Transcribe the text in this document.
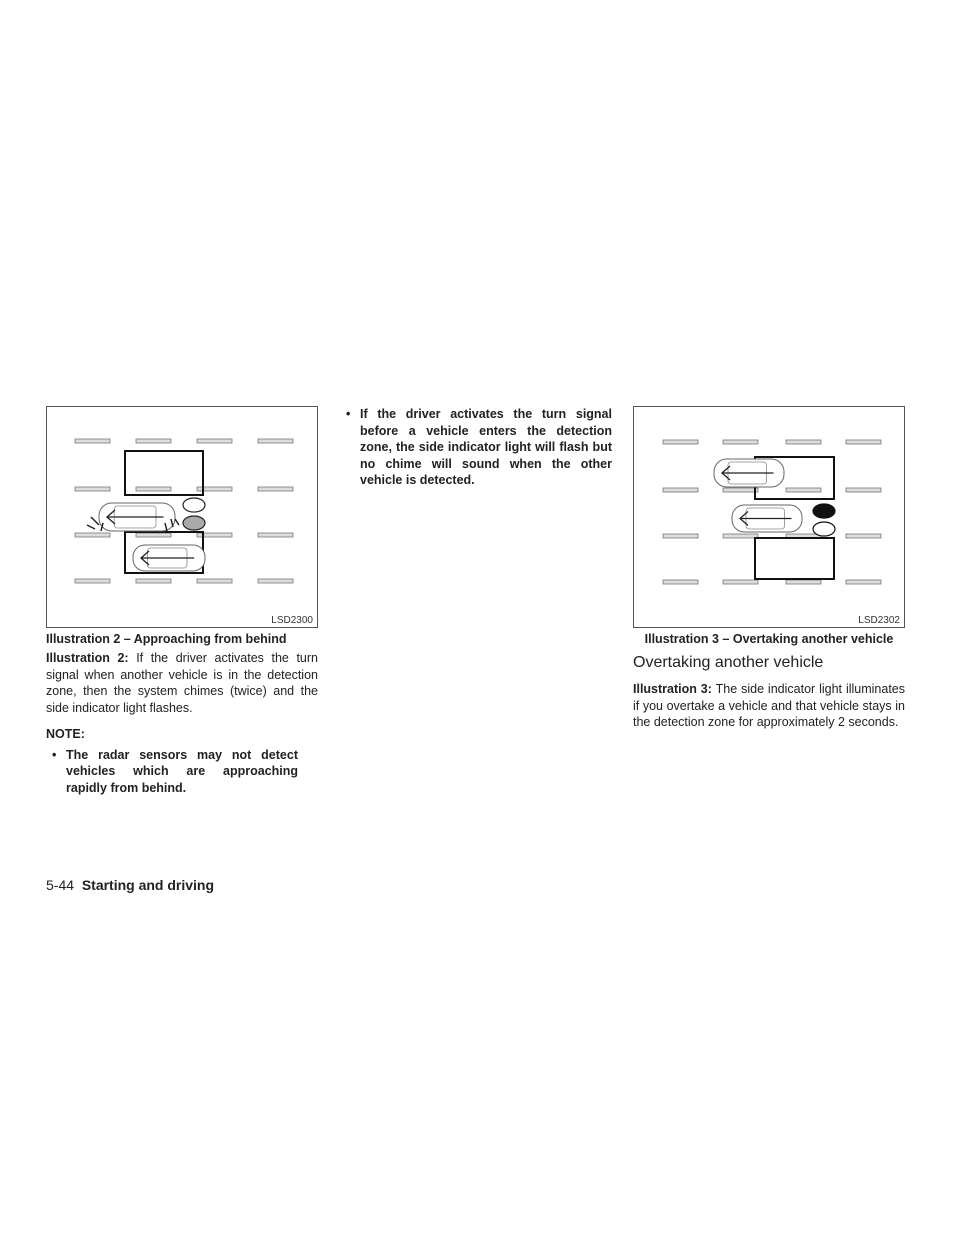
LSD2300
Illustration 2 – Approaching from behind
Illustration 2: If the driver activates the turn signal when another vehicle is in the detection zone, then the system chimes (twice) and the side indicator light flashes.
NOTE:
• The radar sensors may not detect vehicles which are approaching rapidly from behind.
• If the driver activates the turn signal before a vehicle enters the detection zone, the side indicator light will flash but no chime will sound when the other vehicle is detected.
LSD2302
Illustration 3 – Overtaking another vehicle
Overtaking another vehicle
Illustration 3: The side indicator light illuminates if you overtake a vehicle and that vehicle stays in the detection zone for approximately 2 seconds.
5-44 Starting and driving
